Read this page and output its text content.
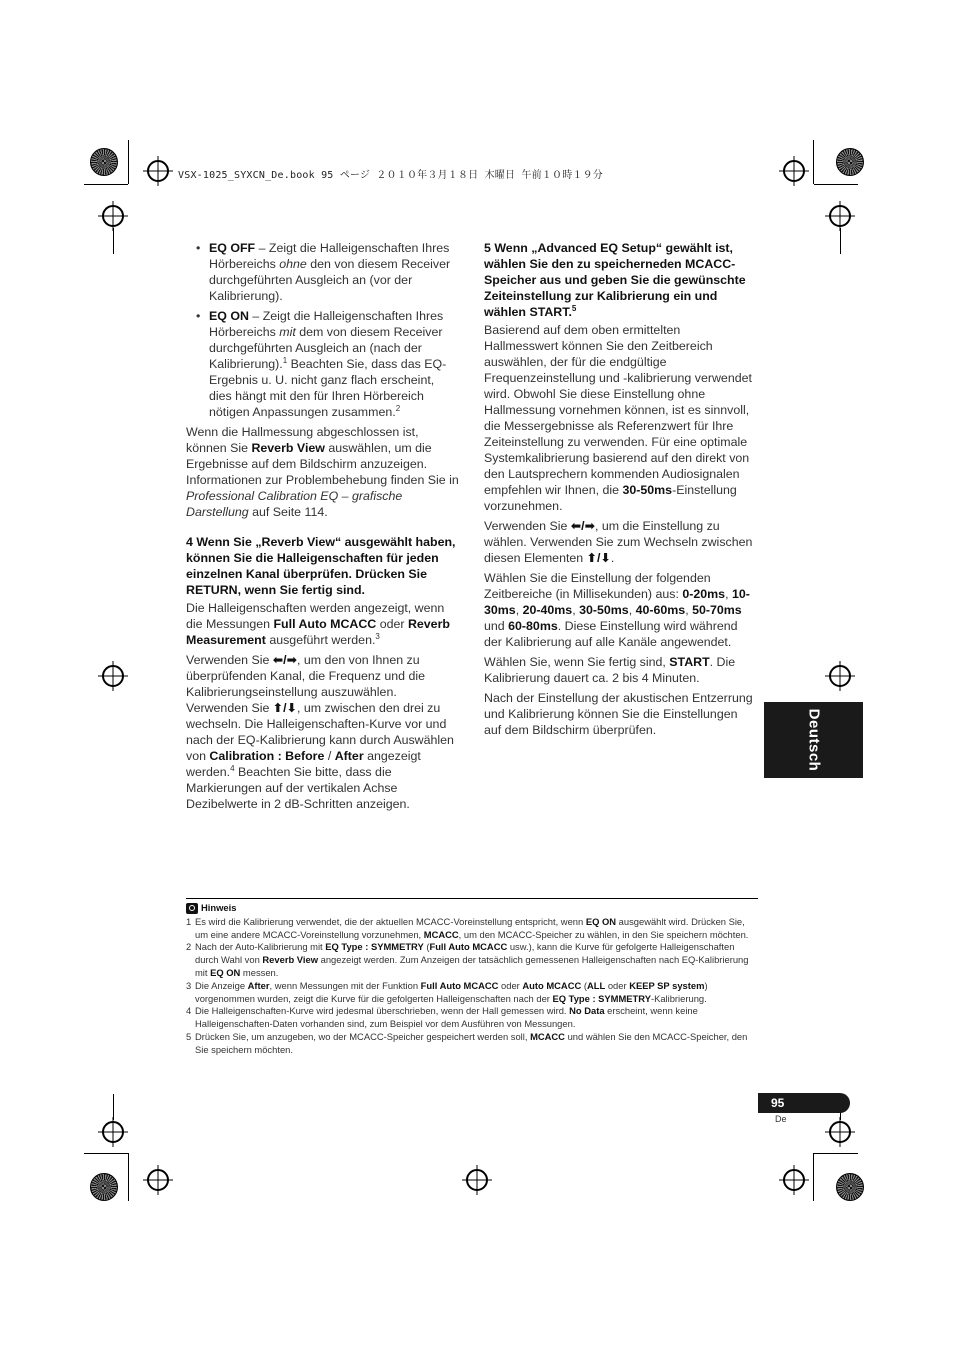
VSX-1025_SYXCN_De.book 95 ページ ２０１０年３月１８日 木曜日 午前１０時１９分
• EQ OFF – Zeigt die Halleigenschaften Ihres Hörbereichs ohne den von diesem Receiver durchgeführten Ausgleich an (vor der Kalibrierung).
• EQ ON – Zeigt die Halleigenschaften Ihres Hörbereichs mit dem von diesem Receiver durchgeführten Ausgleich an (nach der Kalibrierung).$^1$ Beachten Sie, dass das EQ-Ergebnis u. U. nicht ganz flach erscheint, dies hängt mit den für Ihren Hörbereich nötigen Anpassungen zusammen.$^2$

Wenn die Hallmessung abgeschlossen ist, können Sie Reverb View auswählen, um die Ergebnisse auf dem Bildschirm anzuzeigen. Informationen zur Problembehebung finden Sie in Professional Calibration EQ – grafische Darstellung auf Seite 114.

4 Wenn Sie „Reverb View“ ausgewählt haben, können Sie die Halleigenschaften für jeden einzelnen Kanal überprüfen. Drücken Sie RETURN, wenn Sie fertig sind.

Die Halleigenschaften werden angezeigt, wenn die Messungen Full Auto MCACC oder Reverb Measurement ausgeführt werden.$^3$

Verwenden Sie ⬅/➡, um den von Ihnen zu überprüfenden Kanal, die Frequenz und die Kalibrierungseinstellung auszuwählen. Verwenden Sie ⬆/⬇, um zwischen den drei zu wechseln. Die Halleigenschaften-Kurve vor und nach der EQ-Kalibrierung kann durch Auswählen von Calibration : Before / After angezeigt werden.$^4$ Beachten Sie bitte, dass die Markierungen auf der vertikalen Achse Dezibelwerte in 2 dB-Schritten anzeigen.

5 Wenn „Advanced EQ Setup“ gewählt ist, wählen Sie den zu speicherneden MCACC-Speicher aus und geben Sie die gewünschte Zeiteinstellung zur Kalibrierung ein und wählen START.$^5$

Basierend auf dem oben ermittelten Hallmesswert können Sie den Zeitbereich auswählen, der für die endgültige Frequenzeinstellung und -kalibrierung verwendet wird. Obwohl Sie diese Einstellung ohne Hallmessung vornehmen können, ist es sinnvoll, die Messergebnisse als Referenzwert für Ihre Zeiteinstellung zu verwenden. Für eine optimale Systemkalibrierung basierend auf den direkt von den Lautsprechern kommenden Audiosignalen empfehlen wir Ihnen, die 30-50ms-Einstellung vorzunehmen.

Verwenden Sie ⬅/➡, um die Einstellung zu wählen. Verwenden Sie zum Wechseln zwischen diesen Elementen ⬆/⬇.

Wählen Sie die Einstellung der folgenden Zeitbereiche (in Millisekunden) aus: 0-20ms, 10-30ms, 20-40ms, 30-50ms, 40-60ms, 50-70ms und 60-80ms. Diese Einstellung wird während der Kalibrierung auf alle Kanäle angewendet.

Wählen Sie, wenn Sie fertig sind, START. Die Kalibrierung dauert ca. 2 bis 4 Minuten.

Nach der Einstellung der akustischen Entzerrung und Kalibrierung können Sie die Einstellungen auf dem Bildschirm überprüfen.	Deutsch
Hinweis
1 Es wird die Kalibrierung verwendet, die der aktuellen MCACC-Voreinstellung entspricht, wenn EQ ON ausgewählt wird. Drücken Sie, um eine andere MCACC-Voreinstellung vorzunehmen, MCACC, um den MCACC-Speicher zu wählen, in den Sie speichern möchten.
2 Nach der Auto-Kalibrierung mit EQ Type : SYMMETRY (Full Auto MCACC usw.), kann die Kurve für gefolgerte Halleigenschaften durch Wahl von Reverb View angezeigt werden. Zum Anzeigen der tatsächlich gemessenen Halleigenschaften nach EQ-Kalibrierung mit EQ ON messen.
3 Die Anzeige After, wenn Messungen mit der Funktion Full Auto MCACC oder Auto MCACC (ALL oder KEEP SP system) vorgenommen wurden, zeigt die Kurve für die gefolgerten Halleigenschaften nach der EQ Type : SYMMETRY-Kalibrierung.
4 Die Halleigenschaften-Kurve wird jedesmal überschrieben, wenn der Hall gemessen wird. No Data erscheint, wenn keine Halleigenschaften-Daten vorhanden sind, zum Beispiel vor dem Ausführen von Messungen.
5 Drücken Sie, um anzugeben, wo der MCACC-Speicher gespeichert werden soll, MCACC und wählen Sie den MCACC-Speicher, den Sie speichern möchten.
95
De
